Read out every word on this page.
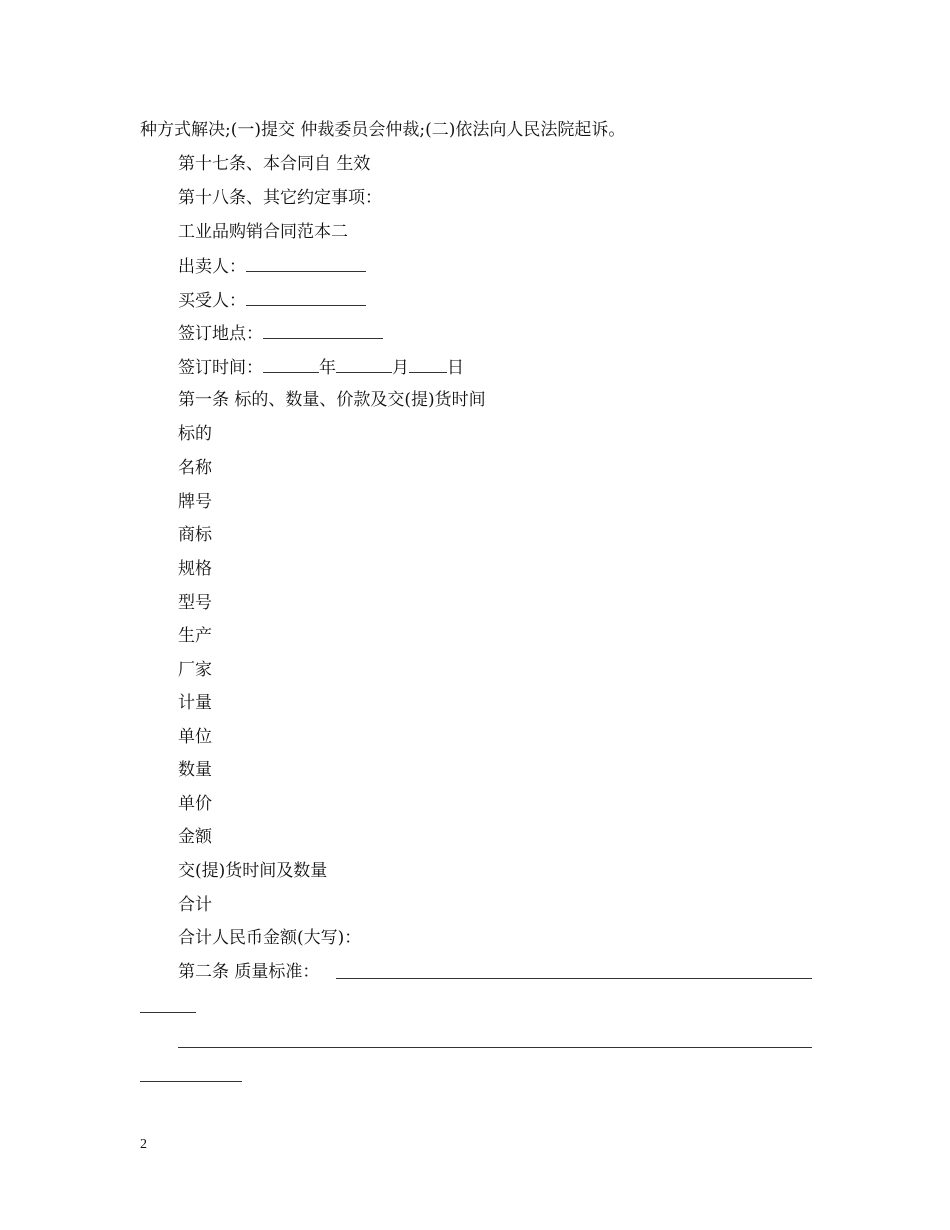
种方式解决;(一)提交 仲裁委员会仲裁;(二)依法向人民法院起诉。
第十七条、本合同自 生效
第十八条、其它约定事项：
工业品购销合同范本二
出卖人：
买受人：
签订地点：
签订时间：	年	月 日
第一条 标的、数量、价款及交(提)货时间
标的
名称
牌号
商标
规格
型号
生产
厂家
计量
单位
数量
单价
金额
交(提)货时间及数量
合计
合计人民币金额(大写)：
第二条 质量标准：
2
